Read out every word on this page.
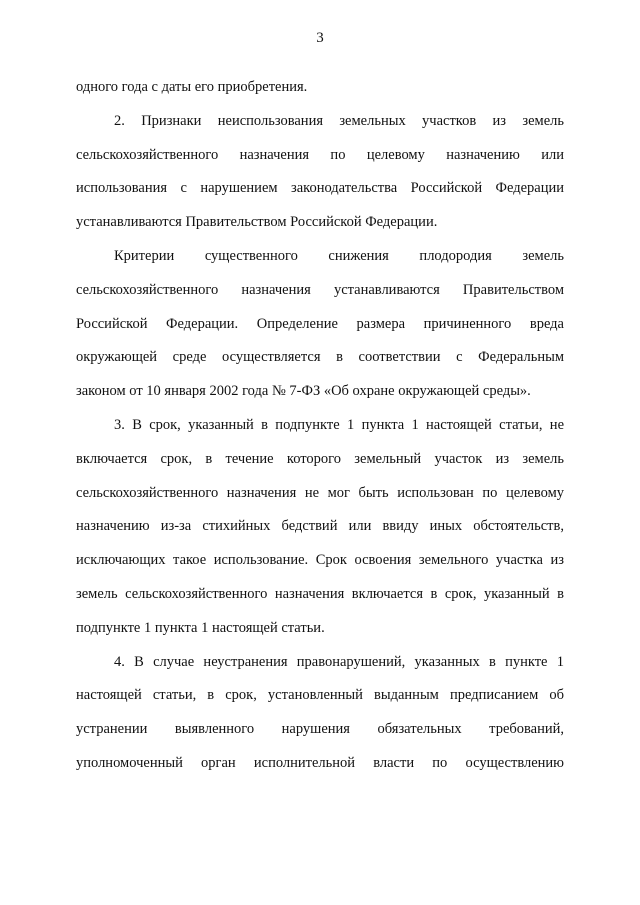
3
одного года с даты его приобретения.
2. Признаки неиспользования земельных участков из земель
сельскохозяйственного назначения по целевому назначению или
использования с нарушением законодательства Российской Федерации
устанавливаются Правительством Российской Федерации.
Критерии существенного снижения плодородия земель
сельскохозяйственного назначения устанавливаются Правительством
Российской Федерации. Определение размера причиненного вреда
окружающей среде осуществляется в соответствии с Федеральным
законом от 10 января 2002 года № 7-ФЗ «Об охране окружающей среды».
3. В срок, указанный в подпункте 1 пункта 1 настоящей статьи, не
включается срок, в течение которого земельный участок из земель
сельскохозяйственного назначения не мог быть использован по целевому
назначению из-за стихийных бедствий или ввиду иных обстоятельств,
исключающих такое использование. Срок освоения земельного участка из
земель сельскохозяйственного назначения включается в срок, указанный в
подпункте 1 пункта 1 настоящей статьи.
4. В случае неустранения правонарушений, указанных в пункте 1
настоящей статьи, в срок, установленный выданным предписанием об
устранении выявленного нарушения обязательных требований,
уполномоченный орган исполнительной власти по осуществлению
